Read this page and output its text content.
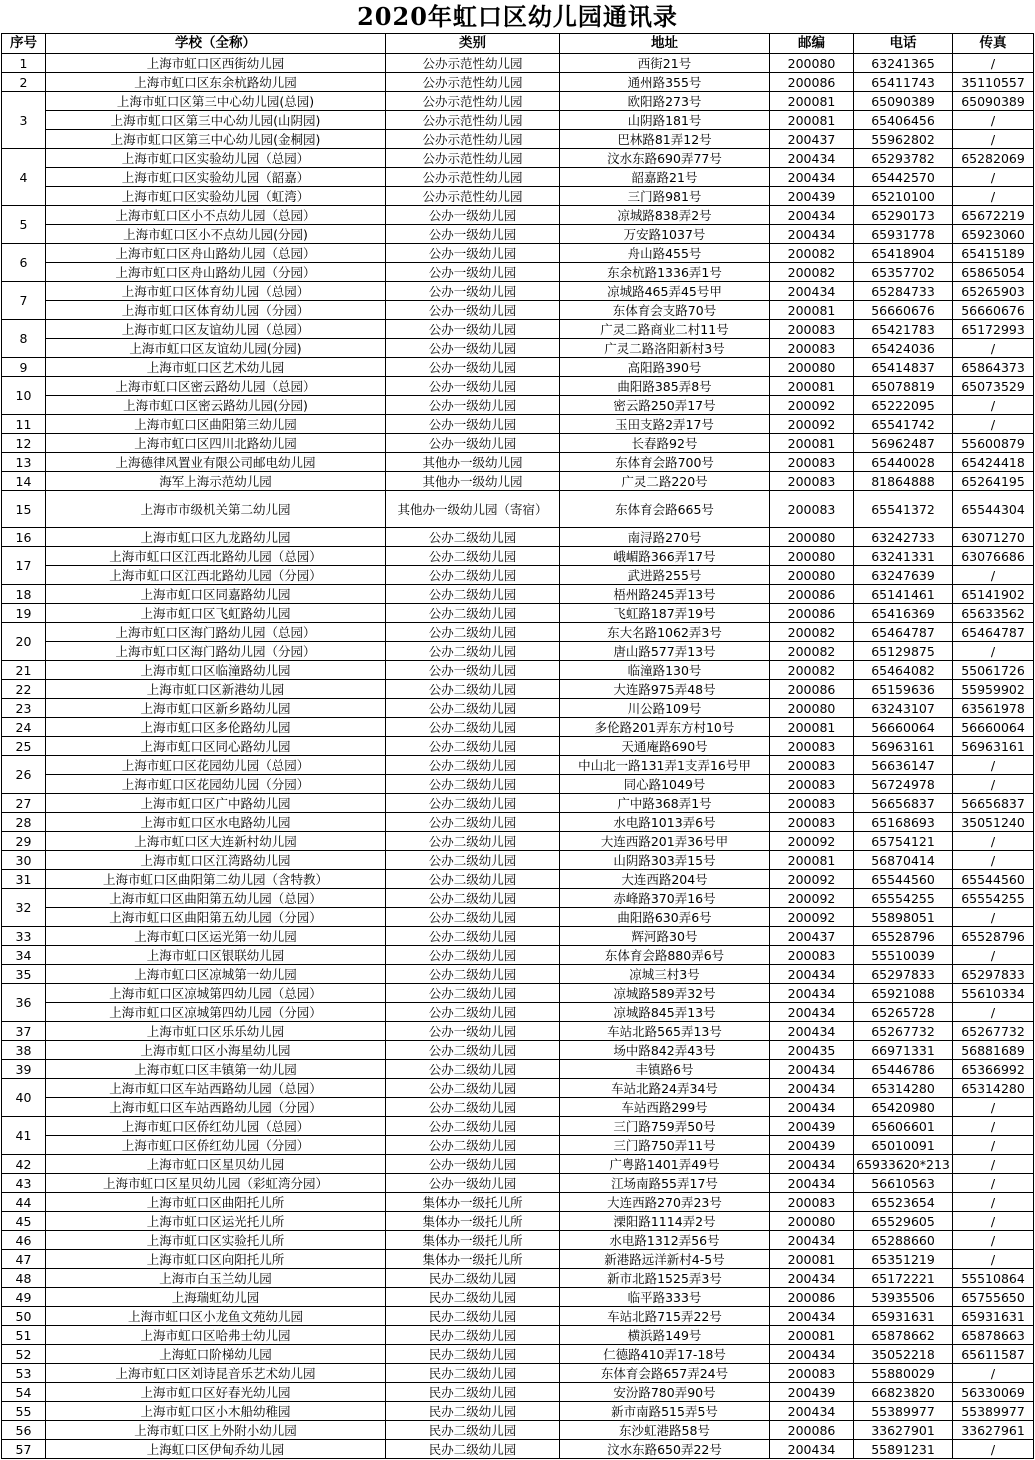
2020年虹口区幼儿园通讯录
序号	学校（全称）	类别	地址	邮编	电话	传真
1	上海市虹口区西街幼儿园	公办示范性幼儿园	西街21号	200080	63241365	/
2	上海市虹口区东余杭路幼儿园	公办示范性幼儿园	通州路355号	200086	65411743	35110557
3	上海市虹口区第三中心幼儿园(总园)	公办示范性幼儿园	欧阳路273号	200081	65090389	65090389
	上海市虹口区第三中心幼儿园(山阴园)	公办示范性幼儿园	山阴路181号	200081	65406456	/
	上海市虹口区第三中心幼儿园(金桐园)	公办示范性幼儿园	巴林路81弄12号	200437	55962802	/
4	上海市虹口区实验幼儿园（总园）	公办示范性幼儿园	汶水东路690弄77号	200434	65293782	65282069
	上海市虹口区实验幼儿园（韶嘉）	公办示范性幼儿园	韶嘉路21号	200434	65442570	/
	上海市虹口区实验幼儿园（虹湾）	公办示范性幼儿园	三门路981号	200439	65210100	/
5	上海市虹口区小不点幼儿园（总园）	公办一级幼儿园	凉城路838弄2号	200434	65290173	65672219
	上海市虹口区小不点幼儿园(分园)	公办一级幼儿园	万安路1037号	200434	65931778	65923060
6	上海市虹口区舟山路幼儿园（总园）	公办一级幼儿园	舟山路455号	200082	65418904	65415189
	上海市虹口区舟山路幼儿园（分园）	公办一级幼儿园	东余杭路1336弄1号	200082	65357702	65865054
7	上海市虹口区体育幼儿园（总园）	公办一级幼儿园	凉城路465弄45号甲	200434	65284733	65265903
	上海市虹口区体育幼儿园（分园）	公办一级幼儿园	东体育会支路70号	200081	56660676	56660676
8	上海市虹口区友谊幼儿园（总园）	公办一级幼儿园	广灵二路商业二村11号	200083	65421783	65172993
	上海市虹口区友谊幼儿园(分园)	公办一级幼儿园	广灵二路洛阳新村3号	200083	65424036	/
9	上海市虹口区艺术幼儿园	公办一级幼儿园	高阳路390号	200080	65414837	65864373
10	上海市虹口区密云路幼儿园（总园）	公办一级幼儿园	曲阳路385弄8号	200081	65078819	65073529
	上海市虹口区密云路幼儿园(分园)	公办一级幼儿园	密云路250弄17号	200092	65222095	/
11	上海市虹口区曲阳第三幼儿园	公办一级幼儿园	玉田支路2弄17号	200092	65541742	/
12	上海市虹口区四川北路幼儿园	公办一级幼儿园	长春路92号	200081	56962487	55600879
13	上海德律风置业有限公司邮电幼儿园	其他办一级幼儿园	东体育会路700号	200083	65440028	65424418
14	海军上海示范幼儿园	其他办一级幼儿园	广灵二路220号	200083	81864888	65264195
15	上海市市级机关第二幼儿园	其他办一级幼儿园（寄宿）	东体育会路665号	200083	65541372	65544304
16	上海市虹口区九龙路幼儿园	公办二级幼儿园	南浔路270号	200080	63242733	63071270
17	上海市虹口区江西北路幼儿园（总园）	公办二级幼儿园	峨嵋路366弄17号	200080	63241331	63076686
	上海市虹口区江西北路幼儿园（分园）	公办二级幼儿园	武进路255号	200080	63247639	/
18	上海市虹口区同嘉路幼儿园	公办二级幼儿园	梧州路245弄13号	200086	65141461	65141902
19	上海市虹口区飞虹路幼儿园	公办二级幼儿园	飞虹路187弄19号	200086	65416369	65633562
20	上海市虹口区海门路幼儿园（总园）	公办二级幼儿园	东大名路1062弄3号	200082	65464787	65464787
	上海市虹口区海门路幼儿园（分园）	公办二级幼儿园	唐山路577弄13号	200082	65129875	/
21	上海市虹口区临潼路幼儿园	公办一级幼儿园	临潼路130号	200082	65464082	55061726
22	上海市虹口区新港幼儿园	公办二级幼儿园	大连路975弄48号	200086	65159636	55959902
23	上海市虹口区新乡路幼儿园	公办二级幼儿园	川公路109号	200080	63243107	63561978
24	上海市虹口区多伦路幼儿园	公办二级幼儿园	多伦路201弄东方村10号	200081	56660064	56660064
25	上海市虹口区同心路幼儿园	公办二级幼儿园	天通庵路690号	200083	56963161	56963161
26	上海市虹口区花园幼儿园（总园）	公办二级幼儿园	中山北一路131弄1支弄16号甲	200083	56636147	/
	上海市虹口区花园幼儿园（分园）	公办二级幼儿园	同心路1049号	200083	56724978	/
27	上海市虹口区广中路幼儿园	公办二级幼儿园	广中路368弄1号	200083	56656837	56656837
28	上海市虹口区水电路幼儿园	公办二级幼儿园	水电路1013弄6号	200083	65168693	35051240
29	上海市虹口区大连新村幼儿园	公办二级幼儿园	大连西路201弄36号甲	200092	65754121	/
30	上海市虹口区江湾路幼儿园	公办二级幼儿园	山阴路303弄15号	200081	56870414	/
31	上海市虹口区曲阳第二幼儿园（含特教）	公办二级幼儿园	大连西路204号	200092	65544560	65544560
32	上海市虹口区曲阳第五幼儿园（总园）	公办二级幼儿园	赤峰路370弄16号	200092	65554255	65554255
	上海市虹口区曲阳第五幼儿园（分园）	公办二级幼儿园	曲阳路630弄6号	200092	55898051	/
33	上海市虹口区运光第一幼儿园	公办二级幼儿园	辉河路30号	200437	65528796	65528796
34	上海市虹口区银联幼儿园	公办二级幼儿园	东体育会路880弄6号	200083	55510039	/
35	上海市虹口区凉城第一幼儿园	公办二级幼儿园	凉城三村3号	200434	65297833	65297833
36	上海市虹口区凉城第四幼儿园（总园）	公办二级幼儿园	凉城路589弄32号	200434	65921088	55610334
	上海市虹口区凉城第四幼儿园（分园）	公办二级幼儿园	凉城路845弄13号	200434	65265728	/
37	上海市虹口区乐乐幼儿园	公办一级幼儿园	车站北路565弄13号	200434	65267732	65267732
38	上海市虹口区小海星幼儿园	公办二级幼儿园	场中路842弄43号	200435	66971331	56881689
39	上海市虹口区丰镇第一幼儿园	公办二级幼儿园	丰镇路6号	200434	65446786	65366992
40	上海市虹口区车站西路幼儿园（总园）	公办二级幼儿园	车站北路24弄34号	200434	65314280	65314280
	上海市虹口区车站西路幼儿园（分园）	公办二级幼儿园	车站西路299号	200434	65420980	/
41	上海市虹口区侨红幼儿园（总园）	公办二级幼儿园	三门路759弄50号	200439	65606601	/
	上海市虹口区侨红幼儿园（分园）	公办二级幼儿园	三门路750弄11号	200439	65010091	/
42	上海市虹口区星贝幼儿园	公办一级幼儿园	广粤路1401弄49号	200434	65933620*213	/
43	上海市虹口区星贝幼儿园（彩虹湾分园）	公办一级幼儿园	江场南路55弄17号	200434	56610563	/
44	上海市虹口区曲阳托儿所	集体办一级托儿所	大连西路270弄23号	200083	65523654	/
45	上海市虹口区运光托儿所	集体办一级托儿所	溧阳路1114弄2号	200080	65529605	/
46	上海市虹口区实验托儿所	集体办一级托儿所	水电路1312弄56号	200434	65288660	/
47	上海市虹口区向阳托儿所	集体办一级托儿所	新港路远洋新村4-5号	200081	65351219	/
48	上海市白玉兰幼儿园	民办二级幼儿园	新市北路1525弄3号	200434	65172221	55510864
49	上海瑞虹幼儿园	民办二级幼儿园	临平路333号	200086	53935506	65755650
50	上海市虹口区小龙鱼文苑幼儿园	民办二级幼儿园	车站北路715弄22号	200434	65931631	65931631
51	上海市虹口区哈弗士幼儿园	民办二级幼儿园	横浜路149号	200081	65878662	65878663
52	上海虹口阶梯幼儿园	民办二级幼儿园	仁德路410弄17-18号	200434	35052218	65611587
53	上海市虹口区刘诗昆音乐艺术幼儿园	民办二级幼儿园	东体育会路657弄24号	200083	55880029	/
54	上海市虹口区好春光幼儿园	民办二级幼儿园	安汾路780弄90号	200439	66823820	56330069
55	上海市虹口区小木船幼稚园	民办二级幼儿园	新市南路515弄5号	200434	55389977	55389977
56	上海市虹口区上外附小幼儿园	民办二级幼儿园	东沙虹港路58号	200086	33627901	33627961
57	上海虹口区伊甸乔幼儿园	民办二级幼儿园	汶水东路650弄22号	200434	55891231	/
